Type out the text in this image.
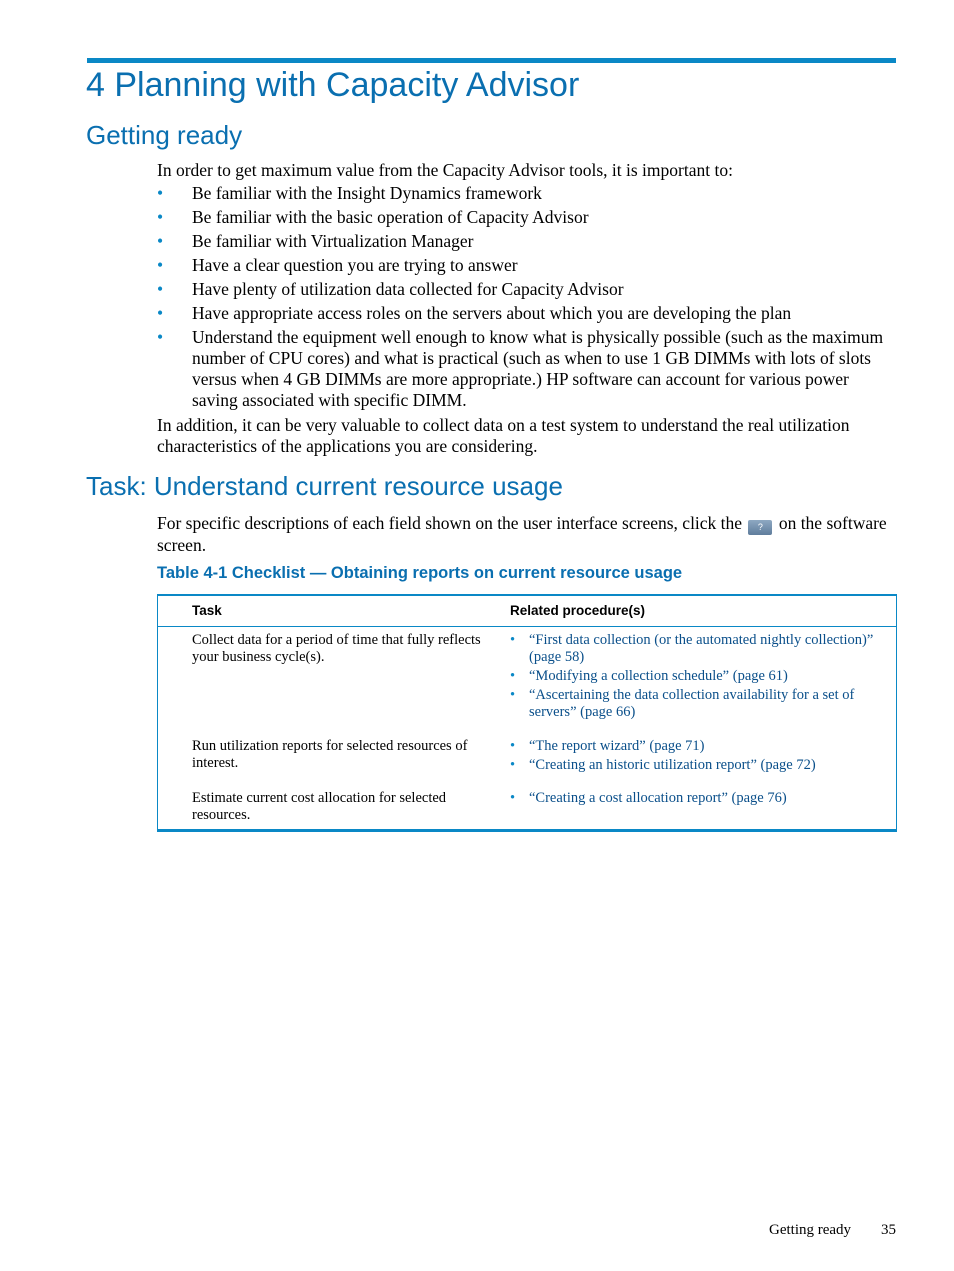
4 Planning with Capacity Advisor
Getting ready

In order to get maximum value from the Capacity Advisor tools, it is important to:

• Be familiar with the Insight Dynamics framework
• Be familiar with the basic operation of Capacity Advisor
• Be familiar with Virtualization Manager
• Have a clear question you are trying to answer
• Have plenty of utilization data collected for Capacity Advisor
• Have appropriate access roles on the servers about which you are developing the plan
• Understand the equipment well enough to know what is physically possible (such as the maximum number of CPU cores) and what is practical (such as when to use 1 GB DIMMs with lots of slots versus when 4 GB DIMMs are more appropriate.) HP software can account for various power saving associated with specific DIMM.

In addition, it can be very valuable to collect data on a test system to understand the real utilization characteristics of the applications you are considering.

Task: Understand current resource usage

For specific descriptions of each field shown on the user interface screens, click the ? on the software screen.

Table 4-1 Checklist — Obtaining reports on current resource usage

Task	Related procedure(s)
Collect data for a period of time that fully reflects your business cycle(s).
• “First data collection (or the automated nightly collection)” (page 58)
• “Modifying a collection schedule” (page 61)
• “Ascertaining the data collection availability for a set of servers” (page 66)
Run utilization reports for selected resources of interest.
• “The report wizard” (page 71)
• “Creating an historic utilization report” (page 72)
Estimate current cost allocation for selected resources.
• “Creating a cost allocation report” (page 76)
Getting ready 35
